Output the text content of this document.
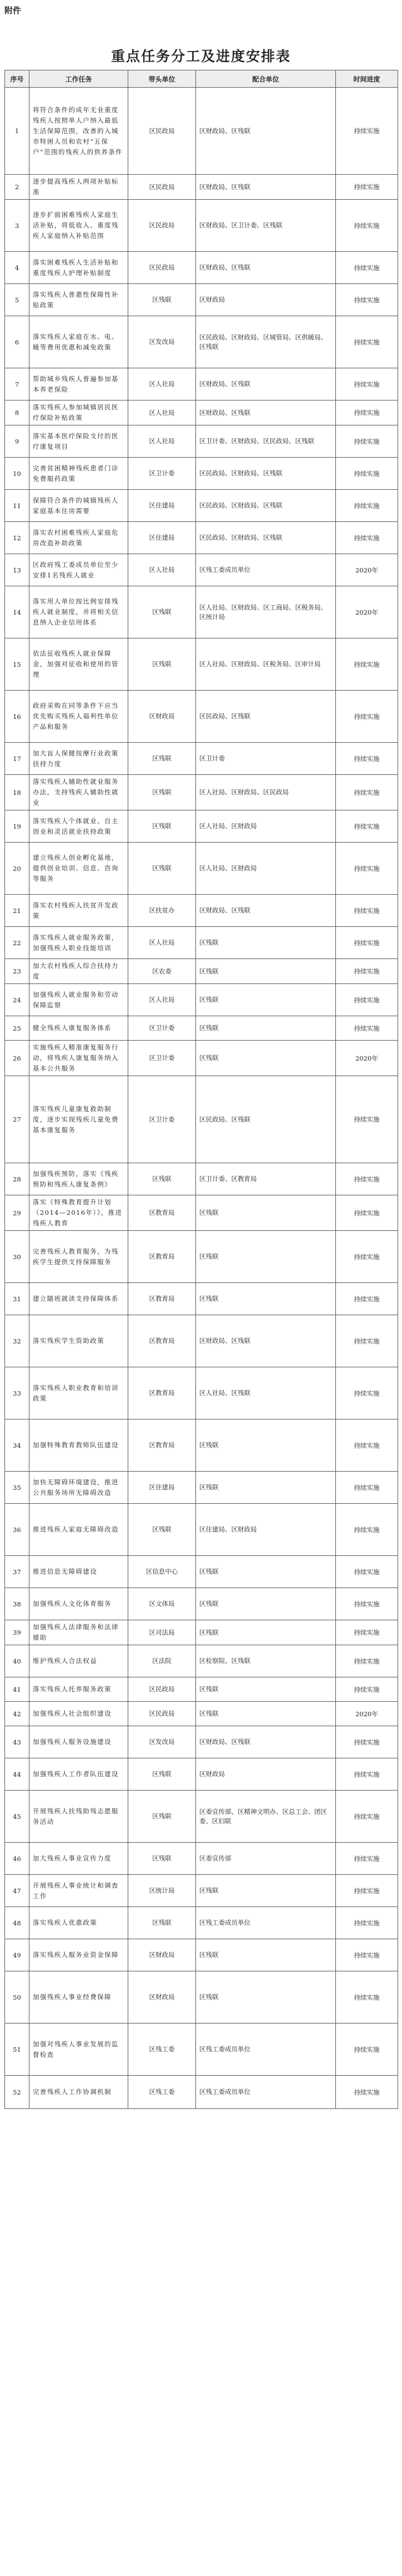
附件
重点任务分工及进度安排表
序号	工作任务	带头单位	配合单位	时间进度
1	将符合条件的成年无业重度残疾人按照单人户纳入最低生活保障范围，改善的入城市特困人员和农村“五保户”范围的残疾人的供养条件	区民政局	区财政局、区残联	持续实施
2	逐步提高残疾人两项补贴标准	区民政局	区财政局、区残联	持续实施
3	逐步扩面困难残疾人家庭生活补贴，将低收入、重度残疾人家庭纳入补贴范围	区民政局	区财政局、区卫计委、区残联	持续实施
4	落实困难残疾人生活补贴和重度残疾人护理补贴制度	区民政局	区财政局、区残联	持续实施
5	落实残疾人普惠性保障性补贴政策	区残联	区财政局	持续实施
6	落实残疾人家庭在水、电、暖等费用优惠和减免政策	区发改局	区民政局、区财政局、区城管局、区供暖局、区残联	持续实施
7	帮助城乡残疾人普遍参加基本养老保险	区人社局	区财政局、区残联	持续实施
8	落实残疾人参加城镇居民医疗保险补贴政策	区人社局	区财政局、区残联	持续实施
9	落实基本医疗保险支付的医疗康复项目	区人社局	区卫计委、区财政局、区民政局、区残联	持续实施
10	完善贫困精神残疾患者门诊免费服药政策	区卫计委	区民政局、区财政局、区残联	持续实施
11	保障符合条件的城镇残疾人家庭基本住房需要	区住建局	区民政局、区财政局、区残联	持续实施
12	落实农村困难残疾人家庭危房改造补助政策	区住建局	区民政局、区财政局、区残联	持续实施
13	区政府残工委成员单位至少安排1名残疾人就业	区人社局	区残工委成员单位	2020年
14	落实用人单位按比例安排残疾人就业制度，并将相关信息纳入企业信用体系	区残联	区人社局、区财政局、区工商局、区税务局、区统计局	2020年
15	依法征收残疾人就业保障金，加强对征收和使用的管理	区残联	区人社局、区财政局、区税务局、区审计局	持续实施
16	政府采购在同等条件下应当优先购买残疾人福利性单位产品和服务	区财政局	区民政局、区残联	持续实施
17	加大盲人保健按摩行业政策扶持力度	区残联	区卫计委	持续实施
18	落实残疾人辅助性就业服务办法，支持残疾人辅助性就业	区残联	区人社局、区财政局、区民政局	持续实施
19	落实残疾人个体就业、自主创业和灵活就业扶持政策	区残联	区人社局、区财政局	持续实施
20	建立残疾人创业孵化基地，提供创业培训、信息、咨询等服务	区残联	区人社局、区财政局	持续实施
21	落实农村残疾人扶贫开发政策	区扶贫办	区财政局、区残联	持续实施
22	落实残疾人就业服务政策，加强残疾人职业技能培训	区人社局	区残联	持续实施
23	加大农村残疾人综合扶持力度	区农委	区残联	持续实施
24	加强残疾人就业服务和劳动保障监察	区人社局	区残联	持续实施
25	健全残疾人康复服务体系	区卫计委	区残联	持续实施
26	实施残疾人精准康复服务行动，将残疾人康复服务纳入基本公共服务	区卫计委	区残联	2020年
27	落实残疾儿童康复救助制度，逐步实现残疾儿童免费基本康复服务	区卫计委	区民政局、区残联	持续实施
28	加强残疾预防，落实《残疾预防和残疾人康复条例》	区残联	区卫计委、区教育局	持续实施
29	落实《特殊教育提升计划（2014—2016年）》，推进残疾人教育	区教育局	区残联	持续实施
30	完善残疾人教育服务，为残疾学生提供支持保障服务	区教育局	区残联	持续实施
31	建立随班就读支持保障体系	区教育局	区残联	持续实施
32	落实残疾学生资助政策	区教育局	区财政局、区残联	持续实施
33	落实残疾人职业教育和培训政策	区教育局	区人社局、区残联	持续实施
34	加强特殊教育教师队伍建设	区教育局	区残联	持续实施
35	加快无障碍环境建设，推进公共服务场所无障碍改造	区住建局	区残联	持续实施
36	推进残疾人家庭无障碍改造	区残联	区住建局、区财政局	持续实施
37	推进信息无障碍建设	区信息中心	区残联	持续实施
38	加强残疾人文化体育服务	区文体局	区残联	持续实施
39	加强残疾人法律服务和法律援助	区司法局	区残联	持续实施
40	维护残疾人合法权益	区法院	区检察院、区残联	持续实施
41	落实残疾人托养服务政策	区民政局	区残联	持续实施
42	加强残疾人社会组织建设	区民政局	区残联	2020年
43	加强残疾人服务设施建设	区发改局	区财政局、区残联	持续实施
44	加强残疾人工作者队伍建设	区残联	区财政局	持续实施
45	开展残疾人扶残助残志愿服务活动	区残联	区委宣传部、区精神文明办、区总工会、团区委、区妇联	持续实施
46	加大残疾人事业宣传力度	区残联	区委宣传部	持续实施
47	开展残疾人事业统计和调查工作	区统计局	区残联	持续实施
48	落实残疾人优惠政策	区残联	区残工委成员单位	持续实施
49	落实残疾人服务业资金保障	区财政局	区残联	持续实施
50	加强残疾人事业经费保障	区财政局	区残联	持续实施
51	加强对残疾人事业发展的监督检查	区残工委	区残工委成员单位	持续实施
52	完善残疾人工作协调机制	区残工委	区残工委成员单位	持续实施
